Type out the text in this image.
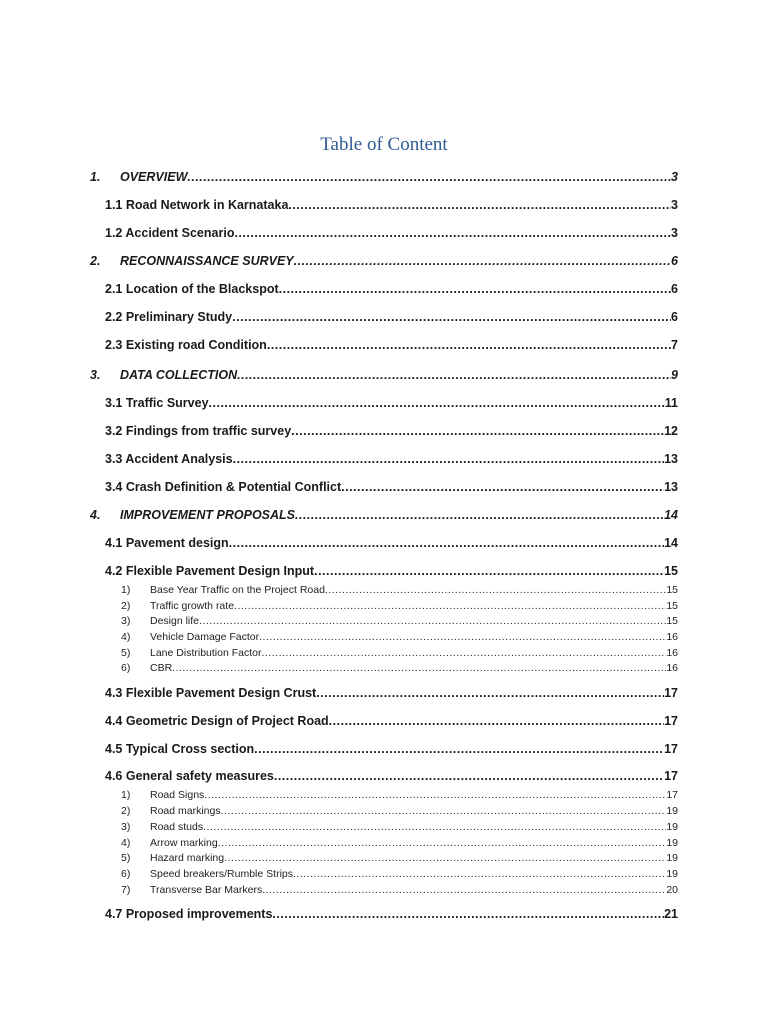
Table of Content
1.	OVERVIEW .....	3
1.1 Road Network in Karnataka .....	3
1.2 Accident Scenario .....	3
2.	RECONNAISSANCE SURVEY .....	6
2.1 Location of the Blackspot .....	6
2.2 Preliminary Study .....	6
2.3 Existing road Condition .....	7
3.	DATA COLLECTION .....	9
3.1 Traffic Survey .....	11
3.2 Findings from traffic survey .....	12
3.3 Accident Analysis .....	13
3.4 Crash Definition & Potential Conflict .....	13
4.	IMPROVEMENT PROPOSALS .....	14
4.1 Pavement design .....	14
4.2 Flexible Pavement Design Input .....	15
1)	Base Year Traffic on the Project Road .....	15
2)	Traffic growth rate .....	15
3)	Design life .....	15
4)	Vehicle Damage Factor .....	16
5)	Lane Distribution Factor .....	16
6)	CBR .....	16
4.3 Flexible Pavement Design Crust .....	17
4.4 Geometric Design of Project Road .....	17
4.5 Typical Cross section .....	17
4.6 General safety measures .....	17
1)	Road Signs .....	17
2)	Road markings .....	19
3)	Road studs .....	19
4)	Arrow marking .....	19
5)	Hazard marking .....	19
6)	Speed breakers/Rumble Strips .....	19
7)	Transverse Bar Markers .....	20
4.7 Proposed improvements .....	21
